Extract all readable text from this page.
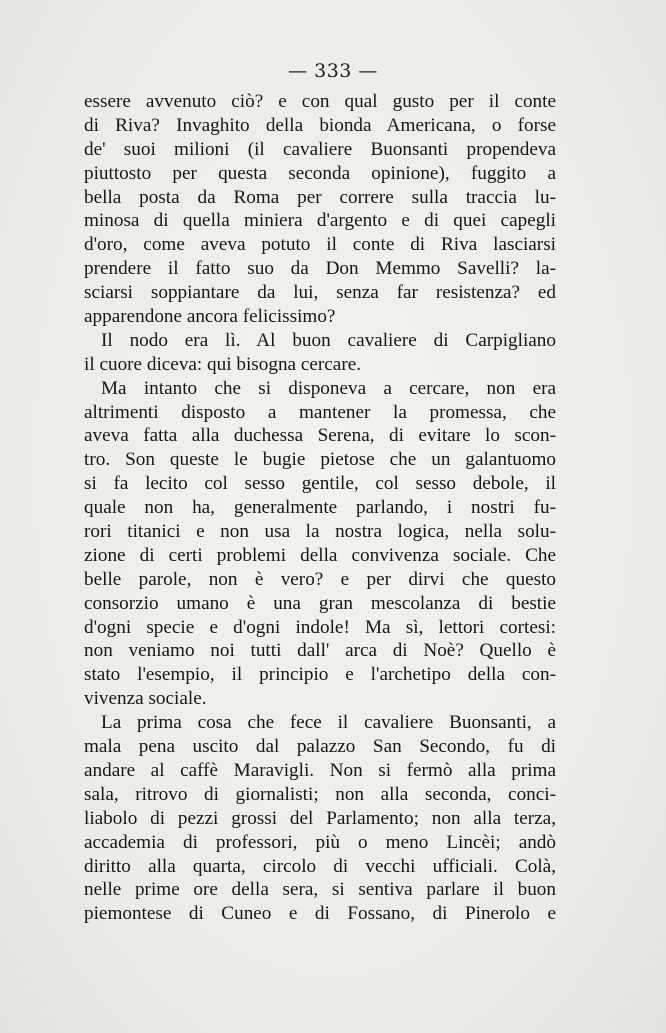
— 333 —
essere avvenuto ciò? e con qual gusto per il conte
di Riva? Invaghito della bionda Americana, o forse
de' suoi milioni (il cavaliere Buonsanti propendeva
piuttosto per questa seconda opinione), fuggito a
bella posta da Roma per correre sulla traccia lu-
minosa di quella miniera d'argento e di quei capegli
d'oro, come aveva potuto il conte di Riva lasciarsi
prendere il fatto suo da Don Memmo Savelli? la-
sciarsi soppiantare da lui, senza far resistenza? ed
apparendone ancora felicissimo?
Il nodo era lì. Al buon cavaliere di Carpigliano
il cuore diceva: qui bisogna cercare.
Ma intanto che si disponeva a cercare, non era
altrimenti disposto a mantener la promessa, che
aveva fatta alla duchessa Serena, di evitare lo scon-
tro. Son queste le bugie pietose che un galantuomo
si fa lecito col sesso gentile, col sesso debole, il
quale non ha, generalmente parlando, i nostri fu-
rori titanici e non usa la nostra logica, nella solu-
zione di certi problemi della convivenza sociale. Che
belle parole, non è vero? e per dirvi che questo
consorzio umano è una gran mescolanza di bestie
d'ogni specie e d'ogni indole! Ma sì, lettori cortesi:
non veniamo noi tutti dall' arca di Noè? Quello è
stato l'esempio, il principio e l'archetipo della con-
vivenza sociale.
La prima cosa che fece il cavaliere Buonsanti, a
mala pena uscito dal palazzo San Secondo, fu di
andare al caffè Maravigli. Non si fermò alla prima
sala, ritrovo di giornalisti; non alla seconda, conci-
liabolo di pezzi grossi del Parlamento; non alla terza,
accademia di professori, più o meno Lincèi; andò
diritto alla quarta, circolo di vecchi ufficiali. Colà,
nelle prime ore della sera, si sentiva parlare il buon
piemontese di Cuneo e di Fossano, di Pinerolo e
